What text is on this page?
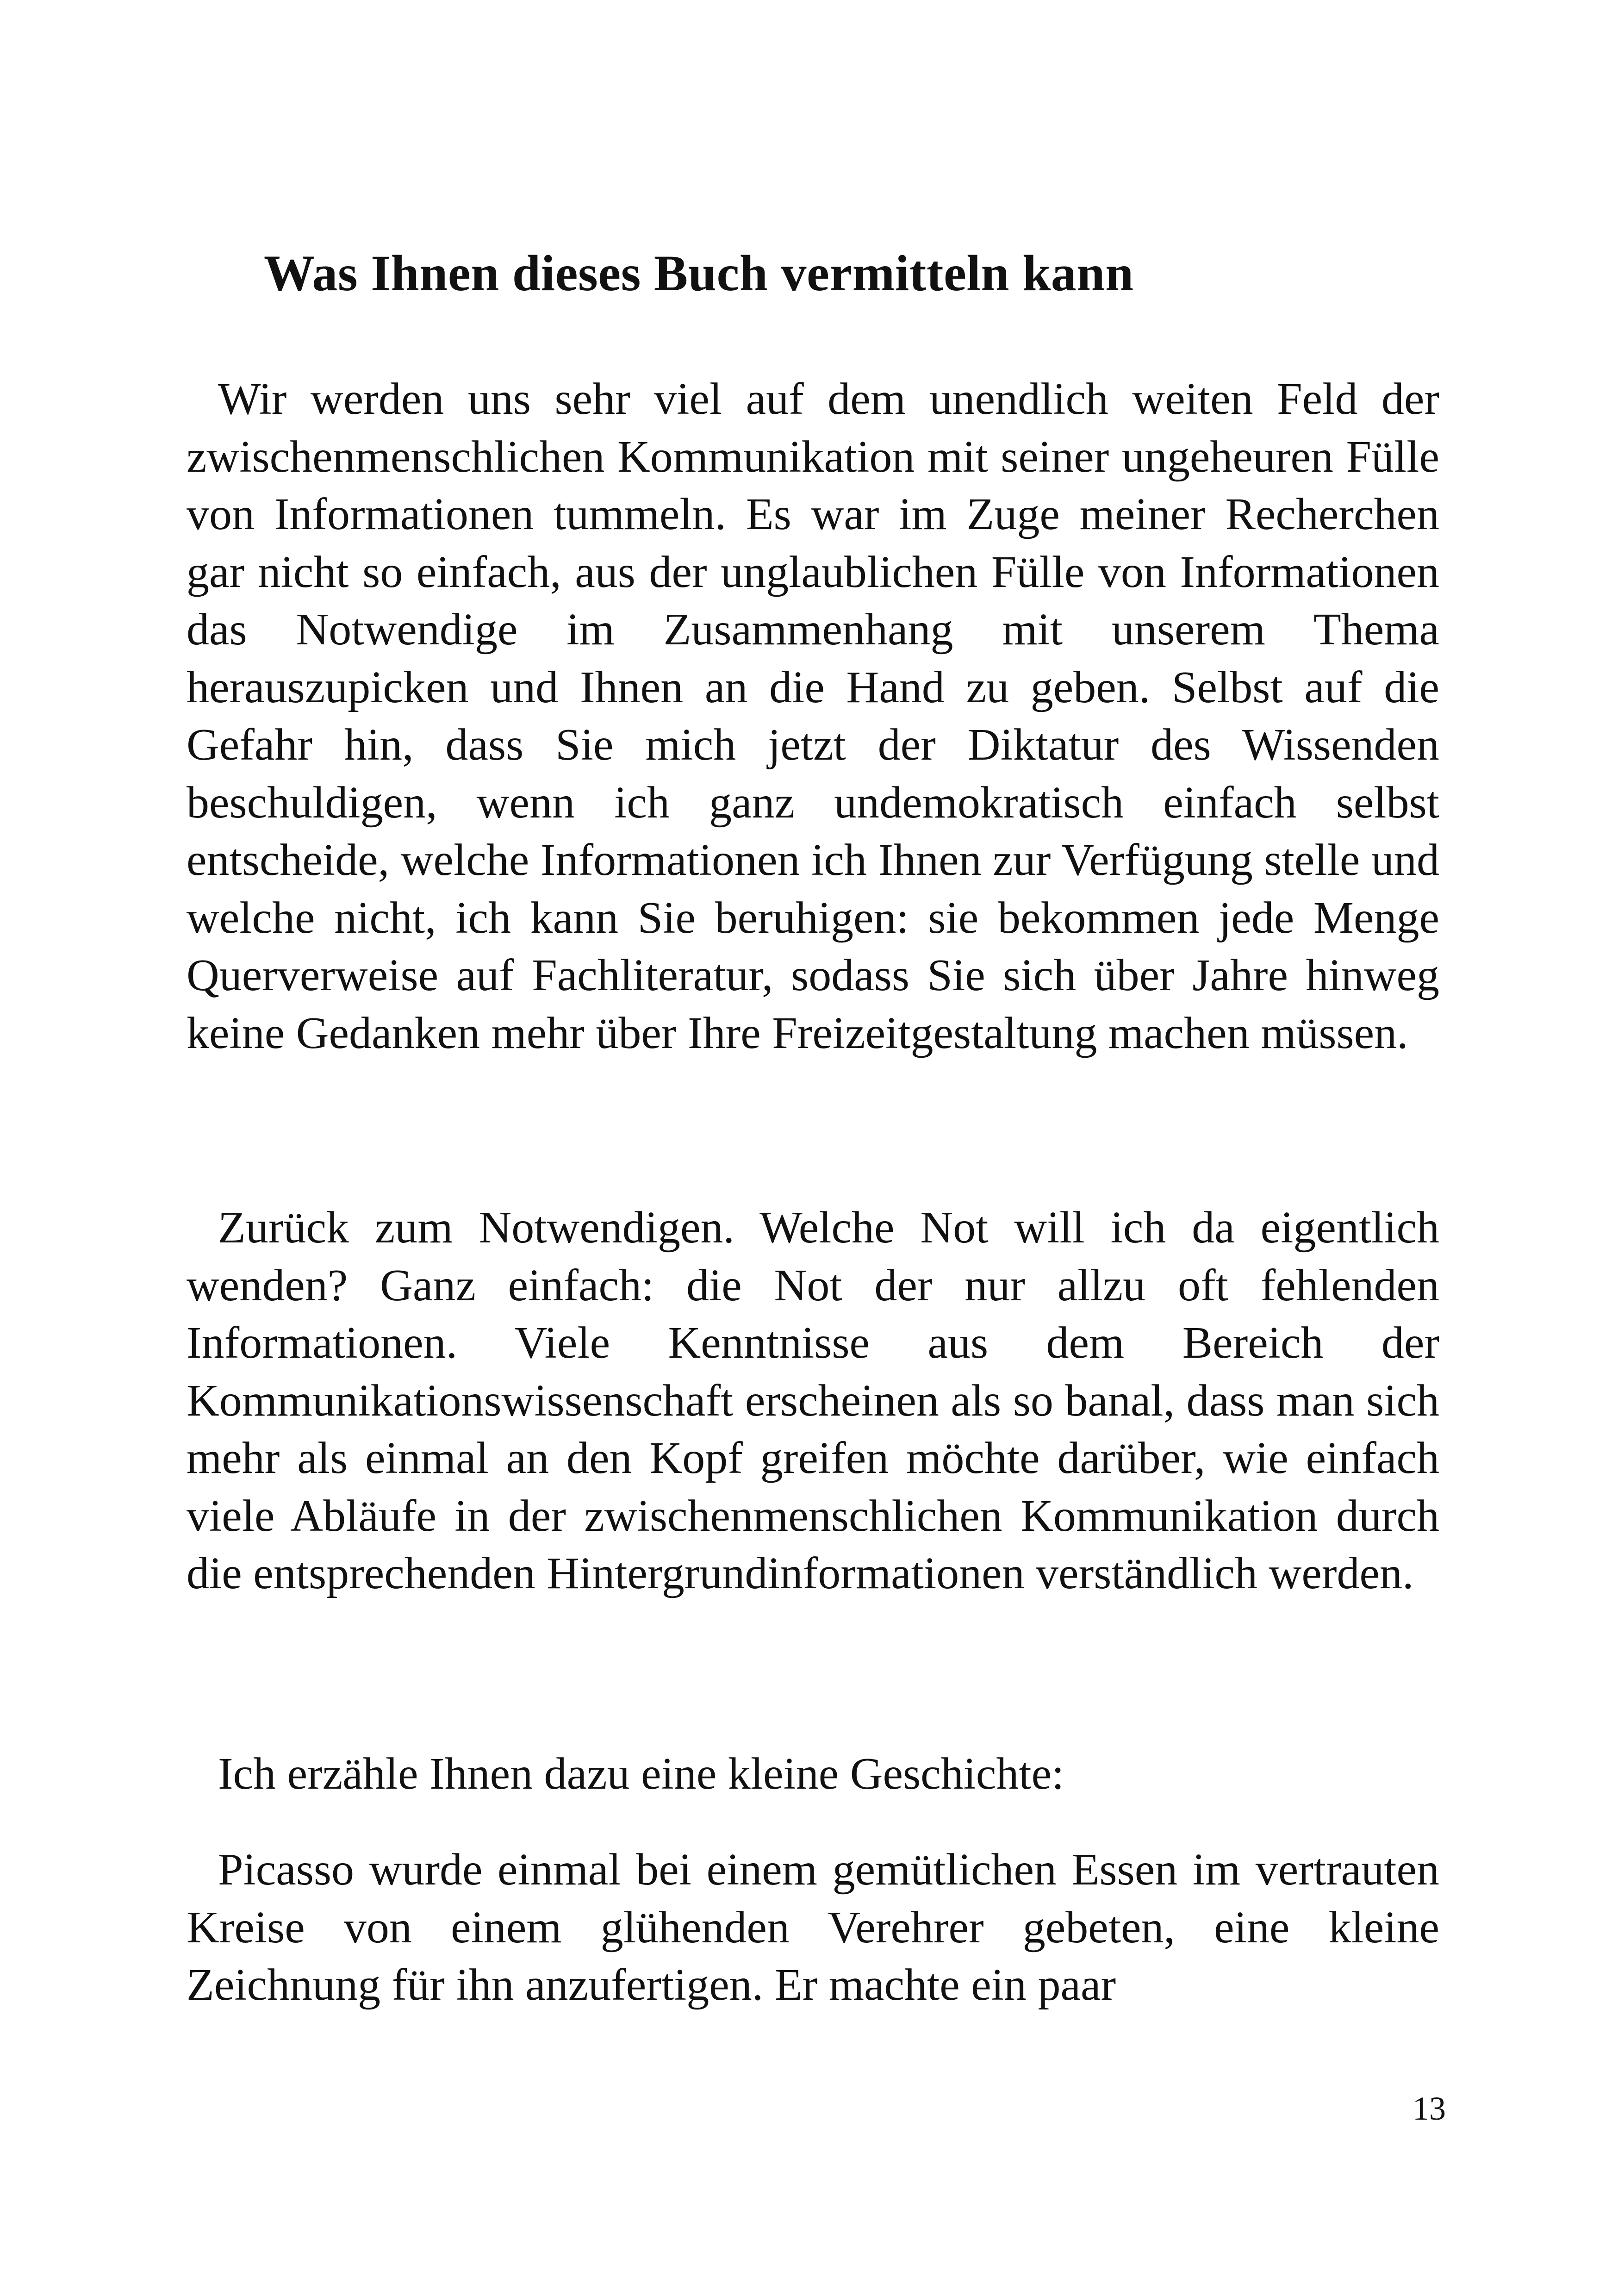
Was Ihnen dieses Buch vermitteln kann

Wir werden uns sehr viel auf dem unendlich weiten Feld der zwischenmenschlichen Kommunikation mit seiner ungeheuren Fülle von Informationen tummeln. Es war im Zuge meiner Recherchen gar nicht so einfach, aus der unglaublichen Fülle von Informationen das Notwendige im Zusammenhang mit unserem Thema herauszupicken und Ihnen an die Hand zu geben. Selbst auf die Gefahr hin, dass Sie mich jetzt der Diktatur des Wissenden beschuldigen, wenn ich ganz undemokratisch einfach selbst entscheide, welche Informationen ich Ihnen zur Verfügung stelle und welche nicht, ich kann Sie beruhigen: sie bekommen jede Menge Querverweise auf Fachliteratur, sodass Sie sich über Jahre hinweg keine Gedanken mehr über Ihre Freizeitgestaltung machen müssen.

Zurück zum Notwendigen. Welche Not will ich da eigentlich wenden? Ganz einfach: die Not der nur allzu oft fehlenden Informationen. Viele Kenntnisse aus dem Bereich der Kommunikationswissenschaft erscheinen als so banal, dass man sich mehr als einmal an den Kopf greifen möchte darüber, wie einfach viele Abläufe in der zwischenmenschlichen Kommunikation durch die entsprechenden Hintergrundinformationen verständlich werden.

Ich erzähle Ihnen dazu eine kleine Geschichte:

Picasso wurde einmal bei einem gemütlichen Essen im vertrauten Kreise von einem glühenden Verehrer gebeten, eine kleine Zeichnung für ihn anzufertigen. Er machte ein paar

13
